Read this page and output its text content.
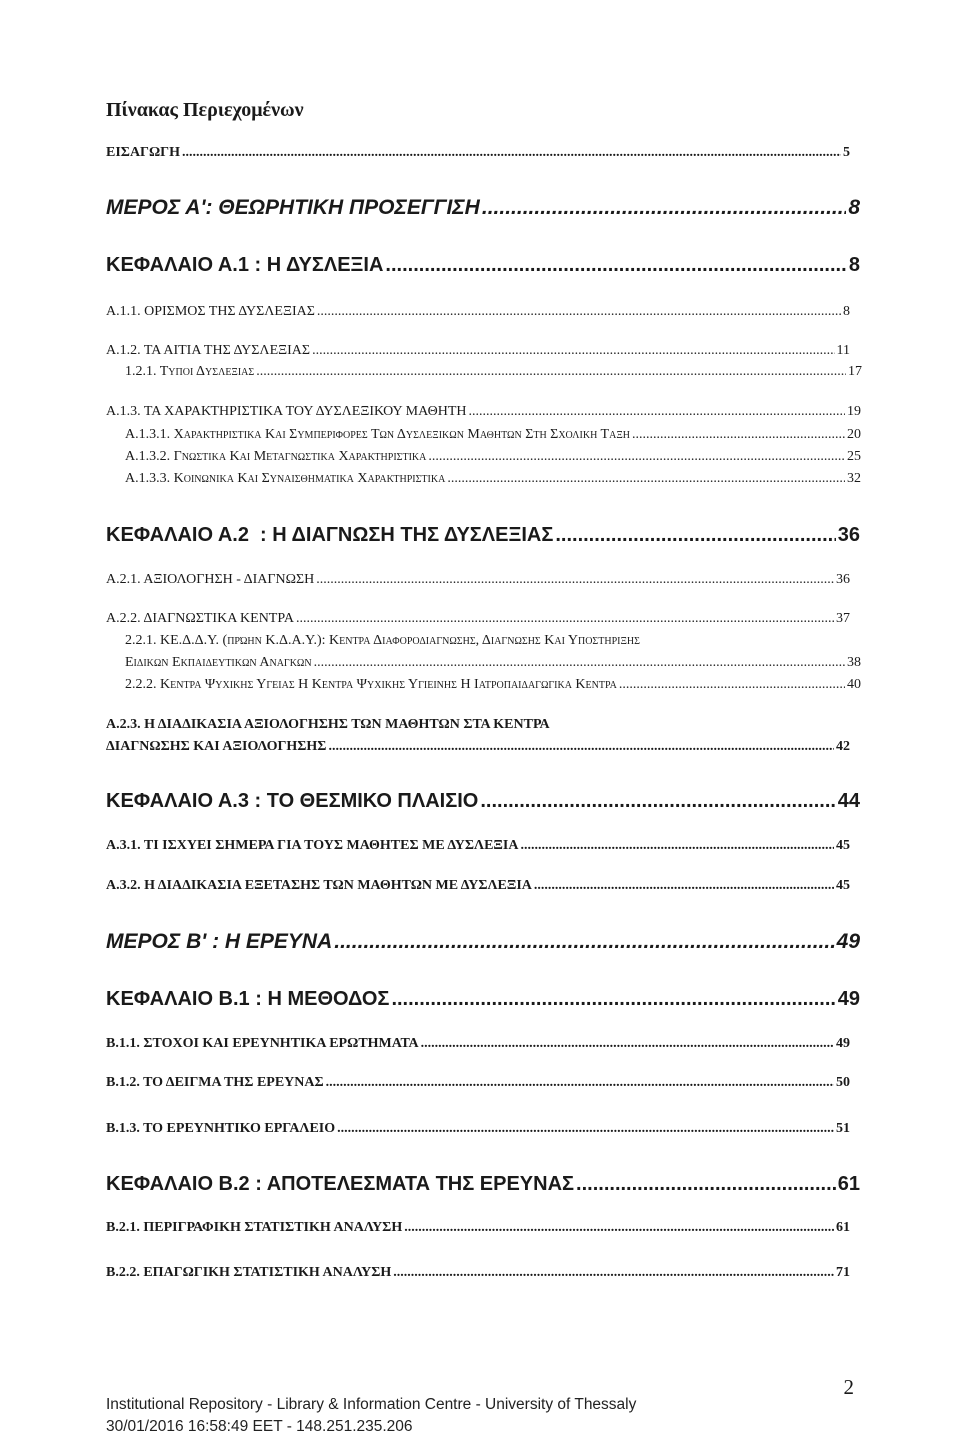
Πίνακας Περιεχομένων
ΕΙΣΑΓΩΓΗ .....	5
ΜΕΡΟΣ Α': ΘΕΩΡΗΤΙΚΗ ΠΡΟΣΕΓΓΙΣΗ .....	8
ΚΕΦΑΛΑΙΟ Α.1 : Η ΔΥΣΛΕΞΙΑ .....	8
Α.1.1. ΟΡΙΣΜΟΣ ΤΗΣ ΔΥΣΛΕΞΙΑΣ .....	8
Α.1.2. ΤΑ ΑΙΤΙΑ ΤΗΣ ΔΥΣΛΕΞΙΑΣ .....	11
1.2.1. Τυποι Δυσλεξιας .....	17
Α.1.3. ΤΑ ΧΑΡΑΚΤΗΡΙΣΤΙΚΑ ΤΟΥ ΔΥΣΛΕΞΙΚΟΥ ΜΑΘΗΤΗ .....	19
Α.1.3.1. Χαρακτηριστικα Και Συμπεριφορες Των Δυσλεξικων Μαθητων Στη Σχολικη Ταξη .....	20
Α.1.3.2. Γνωστικα Και Μεταγνωστικα Χαρακτηριστικα .....	25
Α.1.3.3. Κοινωνικα Και Συναισθηματικα Χαρακτηριστικα .....	32
ΚΕΦΑΛΑΙΟ Α.2  : Η ΔΙΑΓΝΩΣΗ ΤΗΣ ΔΥΣΛΕΞΙΑΣ .....	36
Α.2.1. ΑΞΙΟΛΟΓΗΣΗ - ΔΙΑΓΝΩΣΗ .....	36
Α.2.2. ΔΙΑΓΝΩΣΤΙΚΑ ΚΕΝΤΡΑ .....	37
2.2.1. ΚΕ.Δ.Δ.Υ. (πρώην Κ.Δ.Α.Υ.): Κεντρα Διαφοροδιαγνωσης, Διαγνωσης Και Υποστηριξης
Ειδικων Εκπαιδευτικων Αναγκων .....	38
2.2.2. Κεντρα Ψυχικης Υγειας Η Κεντρα Ψυχικης Υγιεινης Η Ιατροπαιδαγωγικα Κεντρα .....	40
Α.2.3. Η ΔΙΑΔΙΚΑΣΙΑ ΑΞΙΟΛΟΓΗΣΗΣ ΤΩΝ ΜΑΘΗΤΩΝ ΣΤΑ ΚΕΝΤΡΑ
ΔΙΑΓΝΩΣΗΣ ΚΑΙ ΑΞΙΟΛΟΓΗΣΗΣ .....	42
ΚΕΦΑΛΑΙΟ Α.3 : ΤΟ ΘΕΣΜΙΚΟ ΠΛΑΙΣΙΟ .....	44
Α.3.1. ΤΙ ΙΣΧΥΕΙ ΣΗΜΕΡΑ ΓΙΑ ΤΟΥΣ ΜΑΘΗΤΕΣ ΜΕ ΔΥΣΛΕΞΙΑ .....	45
Α.3.2. Η ΔΙΑΔΙΚΑΣΙΑ ΕΞΕΤΑΣΗΣ ΤΩΝ ΜΑΘΗΤΩΝ ΜΕ ΔΥΣΛΕΞΙΑ .....	45
ΜΕΡΟΣ Β' : Η ΕΡΕΥΝΑ .....	49
ΚΕΦΑΛΑΙΟ Β.1 : Η ΜΕΘΟΔΟΣ .....	49
Β.1.1. ΣΤΟΧΟΙ ΚΑΙ ΕΡΕΥΝΗΤΙΚΑ ΕΡΩΤΗΜΑΤΑ .....	49
Β.1.2. ΤΟ ΔΕΙΓΜΑ ΤΗΣ ΕΡΕΥΝΑΣ .....	50
Β.1.3. ΤΟ ΕΡΕΥΝΗΤΙΚΟ ΕΡΓΑΛΕΙΟ .....	51
ΚΕΦΑΛΑΙΟ Β.2 : ΑΠΟΤΕΛΕΣΜΑΤΑ ΤΗΣ ΕΡΕΥΝΑΣ .....	61
Β.2.1. ΠΕΡΙΓΡΑΦΙΚΗ ΣΤΑΤΙΣΤΙΚΗ ΑΝΑΛΥΣΗ .....	61
Β.2.2. ΕΠΑΓΩΓΙΚΗ ΣΤΑΤΙΣΤΙΚΗ ΑΝΑΛΥΣΗ .....	71
2
Institutional Repository - Library & Information Centre - University of Thessaly
30/01/2016 16:58:49 EET - 148.251.235.206
